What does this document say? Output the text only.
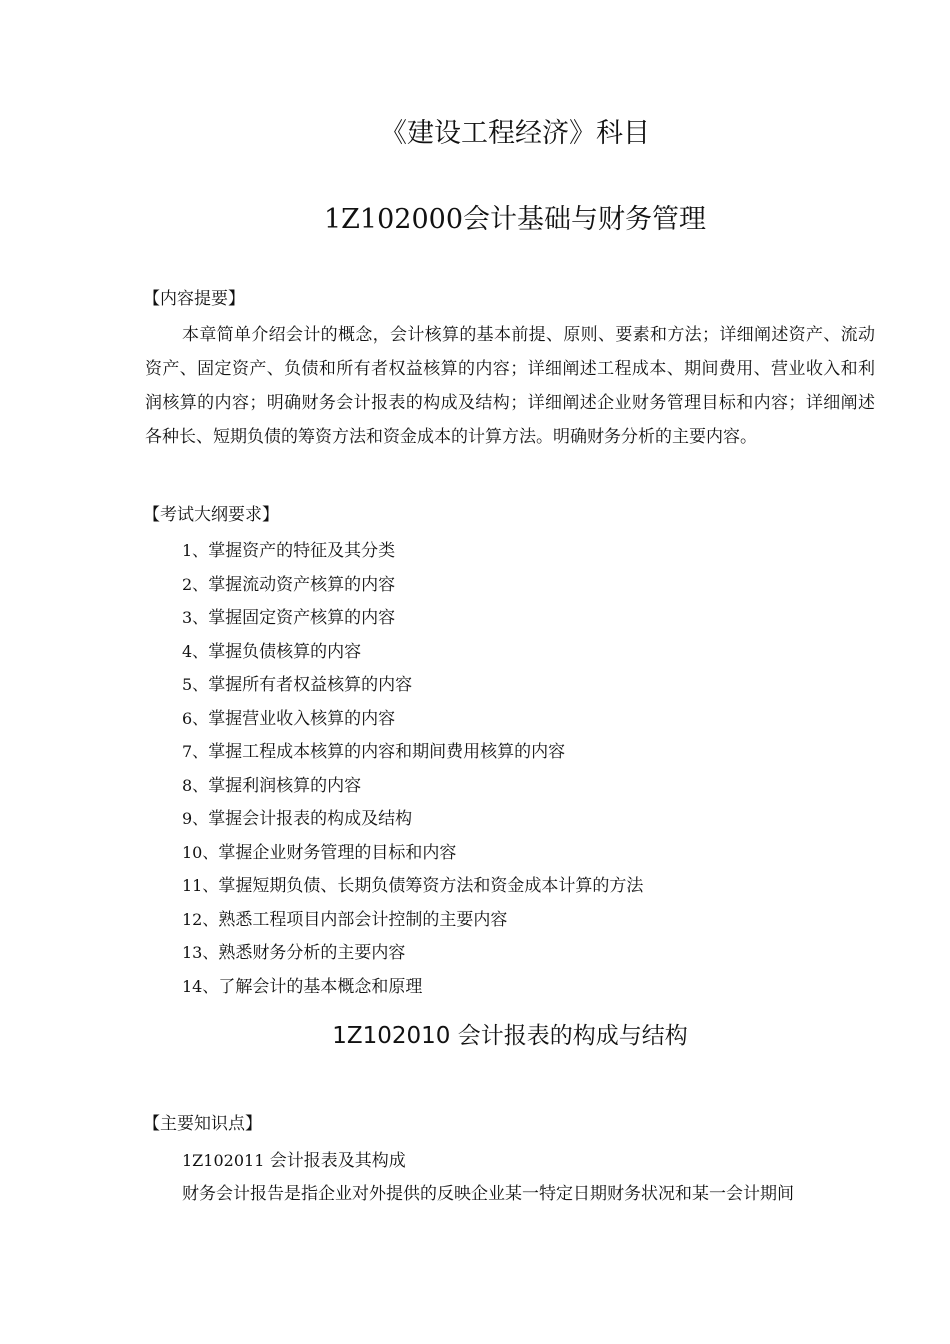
《建设工程经济》科目
1Z102000会计基础与财务管理

【内容提要】

本章简单介绍会计的概念，会计核算的基本前提、原则、要素和方法；详细阐述资产、流动资产、固定资产、负债和所有者权益核算的内容；详细阐述工程成本、期间费用、营业收入和利润核算的内容；明确财务会计报表的构成及结构；详细阐述企业财务管理目标和内容；详细阐述各种长、短期负债的筹资方法和资金成本的计算方法。明确财务分析的主要内容。

【考试大纲要求】

1、掌握资产的特征及其分类
2、掌握流动资产核算的内容
3、掌握固定资产核算的内容
4、掌握负债核算的内容
5、掌握所有者权益核算的内容
6、掌握营业收入核算的内容
7、掌握工程成本核算的内容和期间费用核算的内容
8、掌握利润核算的内容
9、掌握会计报表的构成及结构
10、掌握企业财务管理的目标和内容
11、掌握短期负债、长期负债筹资方法和资金成本计算的方法
12、熟悉工程项目内部会计控制的主要内容
13、熟悉财务分析的主要内容
14、了解会计的基本概念和原理
1Z102010 会计报表的构成与结构

【主要知识点】

1Z102011 会计报表及其构成

财务会计报告是指企业对外提供的反映企业某一特定日期财务状况和某一会计期间
